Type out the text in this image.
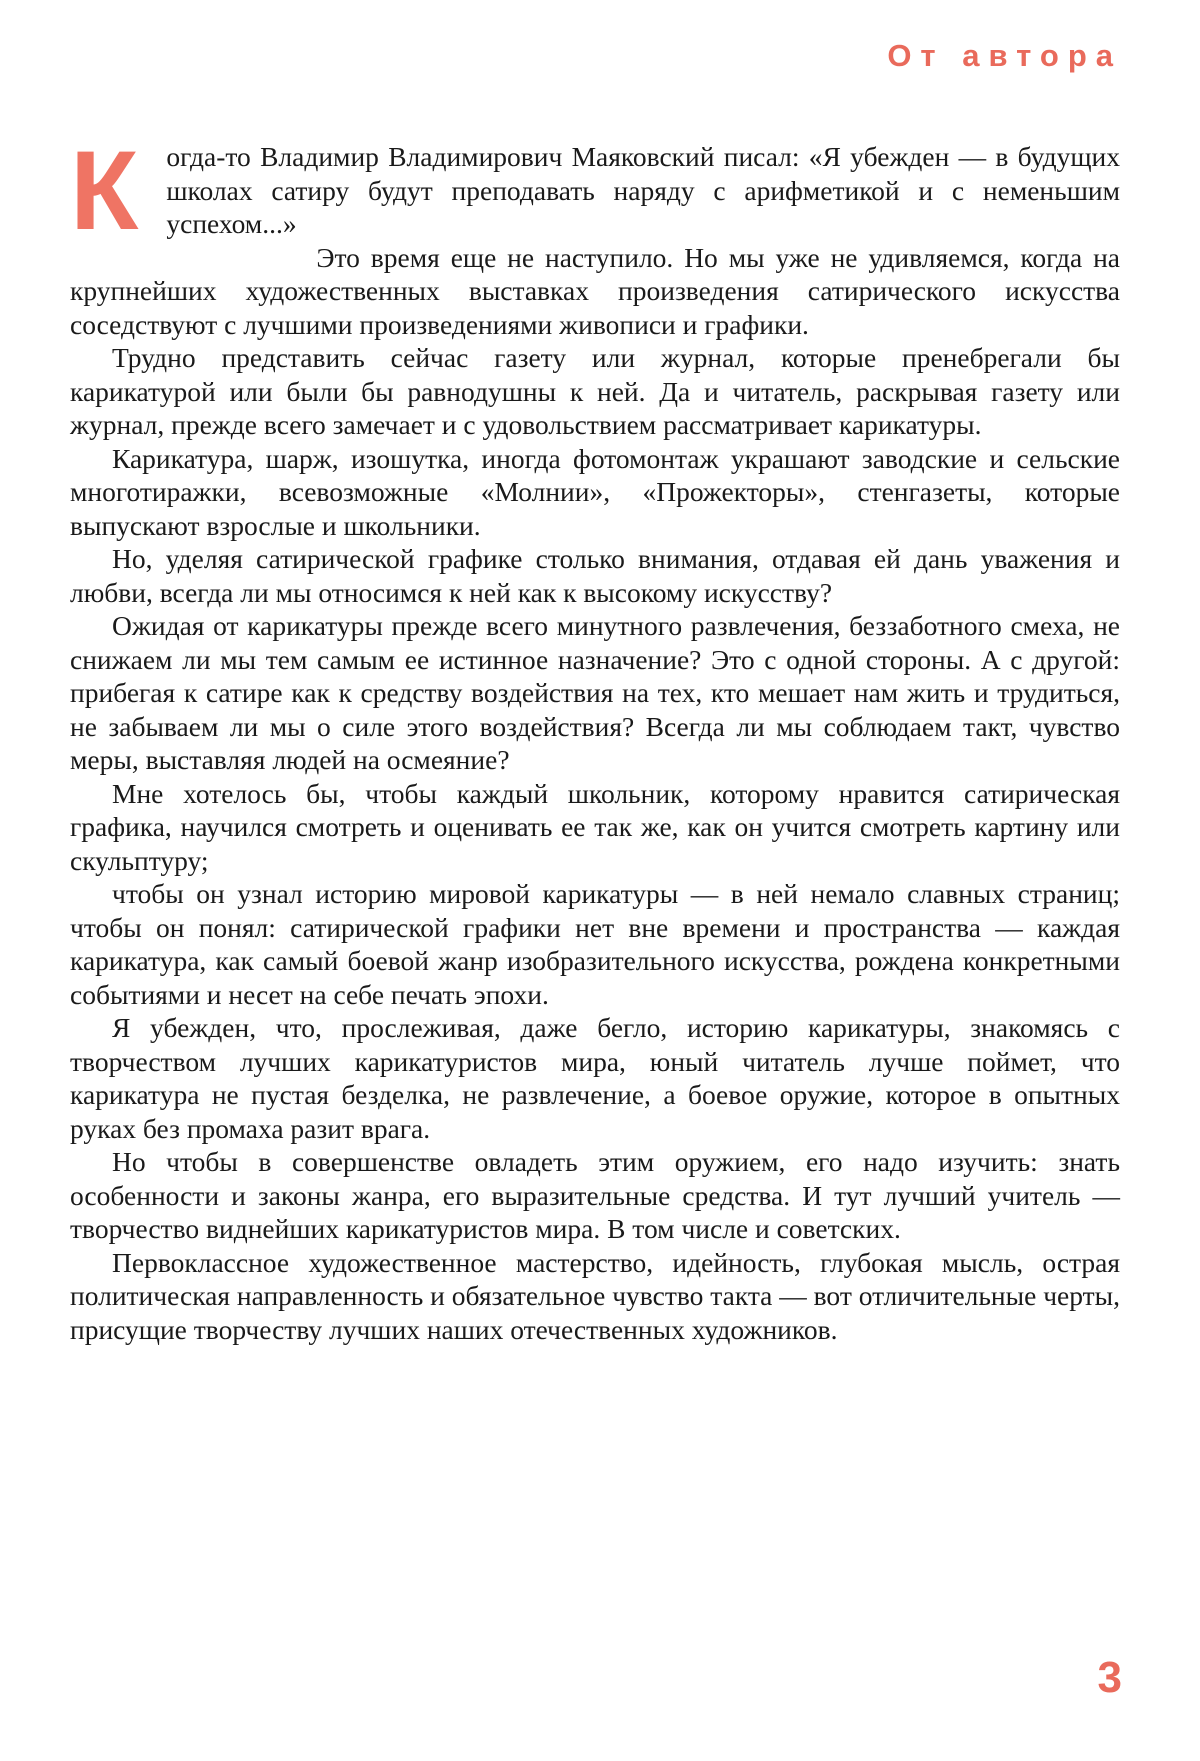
От автора

К огда-то Владимир Владимирович Маяковский писал: «Я убежден — в будущих школах сатиру будут преподавать наряду с арифметикой и с неменьшим успехом...»

Это время еще не наступило. Но мы уже не удивляемся, когда на крупнейших художественных выставках произведения сатирического искусства соседствуют с лучшими произведениями живописи и графики.

Трудно представить сейчас газету или журнал, которые пренебрегали бы карикатурой или были бы равнодушны к ней. Да и читатель, раскрывая газету или журнал, прежде всего замечает и с удовольствием рассматривает карикатуры.

Карикатура, шарж, изошутка, иногда фотомонтаж украшают заводские и сельские многотиражки, всевозможные «Молнии», «Прожекторы», стенгазеты, которые выпускают взрослые и школьники.

Но, уделяя сатирической графике столько внимания, отдавая ей дань уважения и любви, всегда ли мы относимся к ней как к высокому искусству?

Ожидая от карикатуры прежде всего минутного развлечения, беззаботного смеха, не снижаем ли мы тем самым ее истинное назначение? Это с одной стороны. А с другой: прибегая к сатире как к средству воздействия на тех, кто мешает нам жить и трудиться, не забываем ли мы о силе этого воздействия? Всегда ли мы соблюдаем такт, чувство меры, выставляя людей на осмеяние?

Мне хотелось бы, чтобы каждый школьник, которому нравится сатирическая графика, научился смотреть и оценивать ее так же, как он учится смотреть картину или скульптуру;

чтобы он узнал историю мировой карикатуры — в ней немало славных страниц; чтобы он понял: сатирической графики нет вне времени и пространства — каждая карикатура, как самый боевой жанр изобразительного искусства, рождена конкретными событиями и несет на себе печать эпохи.

Я убежден, что, прослеживая, даже бегло, историю карикатуры, знакомясь с творчеством лучших карикатуристов мира, юный читатель лучше поймет, что карикатура не пустая безделка, не развлечение, а боевое оружие, которое в опытных руках без промаха разит врага.

Но чтобы в совершенстве овладеть этим оружием, его надо изучить: знать особенности и законы жанра, его выразительные средства. И тут лучший учитель — творчество виднейших карикатуристов мира. В том числе и советских.

Первоклассное художественное мастерство, идейность, глубокая мысль, острая политическая направленность и обязательное чувство такта — вот отличительные черты, присущие творчеству лучших наших отечественных художников.

3
